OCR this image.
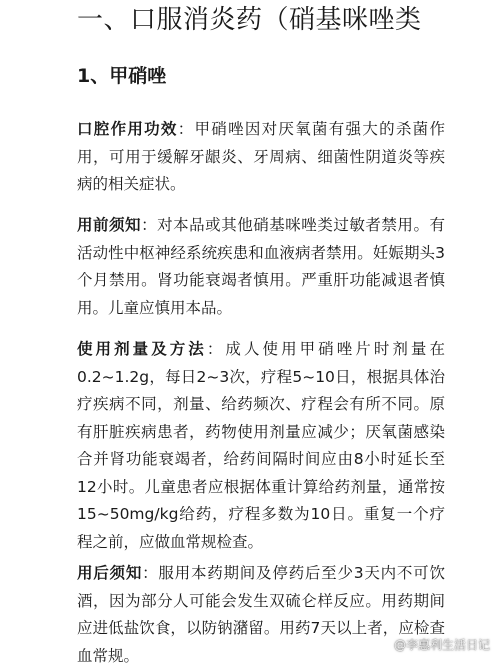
一、口服消炎药（硝基咪唑类
1、甲硝唑

口腔作用功效：甲硝唑因对厌氧菌有强大的杀菌作用，可用于缓解牙龈炎、牙周病、细菌性阴道炎等疾病的相关症状。

用前须知：对本品或其他硝基咪唑类过敏者禁用。有活动性中枢神经系统疾患和血液病者禁用。妊娠期头3个月禁用。肾功能衰竭者慎用。严重肝功能减退者慎用。儿童应慎用本品。

使用剂量及方法：成人使用甲硝唑片时剂量在0.2~1.2g，每日2~3次，疗程5~10日，根据具体治疗疾病不同，剂量、给药频次、疗程会有所不同。原有肝脏疾病患者，药物使用剂量应减少；厌氧菌感染合并肾功能衰竭者，给药间隔时间应由8小时延长至12小时。儿童患者应根据体重计算给药剂量，通常按15~50mg/kg给药，疗程多数为10日。重复一个疗程之前，应做血常规检查。

用后须知：服用本药期间及停药后至少3天内不可饮酒，因为部分人可能会发生双硫仑样反应。用药期间应进低盐饮食，以防钠潴留。用药7天以上者，应检查血常规。

@李惠利生活日记
